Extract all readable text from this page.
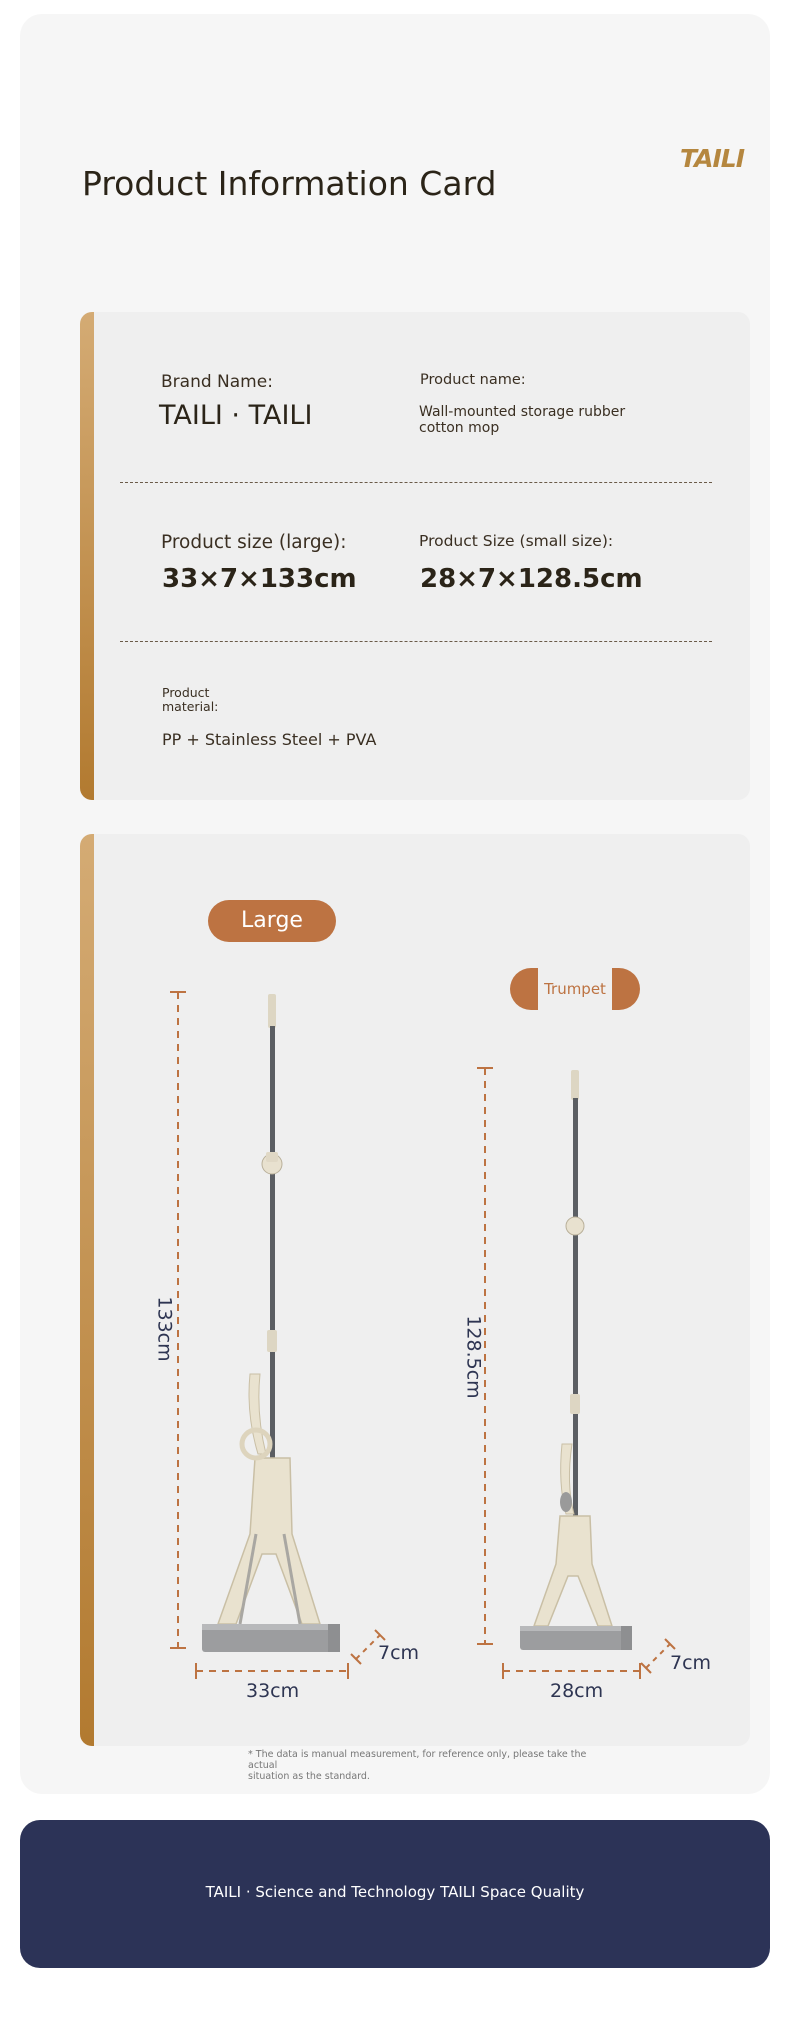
TAILI
Product Information Card
Brand Name:
TAILI · TAILI
Product name:
Wall-mounted storage rubber
cotton mop
Product size (large):
33×7×133cm
Product Size (small size):
28×7×128.5cm
Product
material:
PP + Stainless Steel + PVA
Large
Trumpet
133cm
33cm
7cm
128.5cm
28cm
7cm
* The data is manual measurement, for reference only, please take the actual
situation as the standard.
TAILI · Science and Technology TAILI Space Quality
